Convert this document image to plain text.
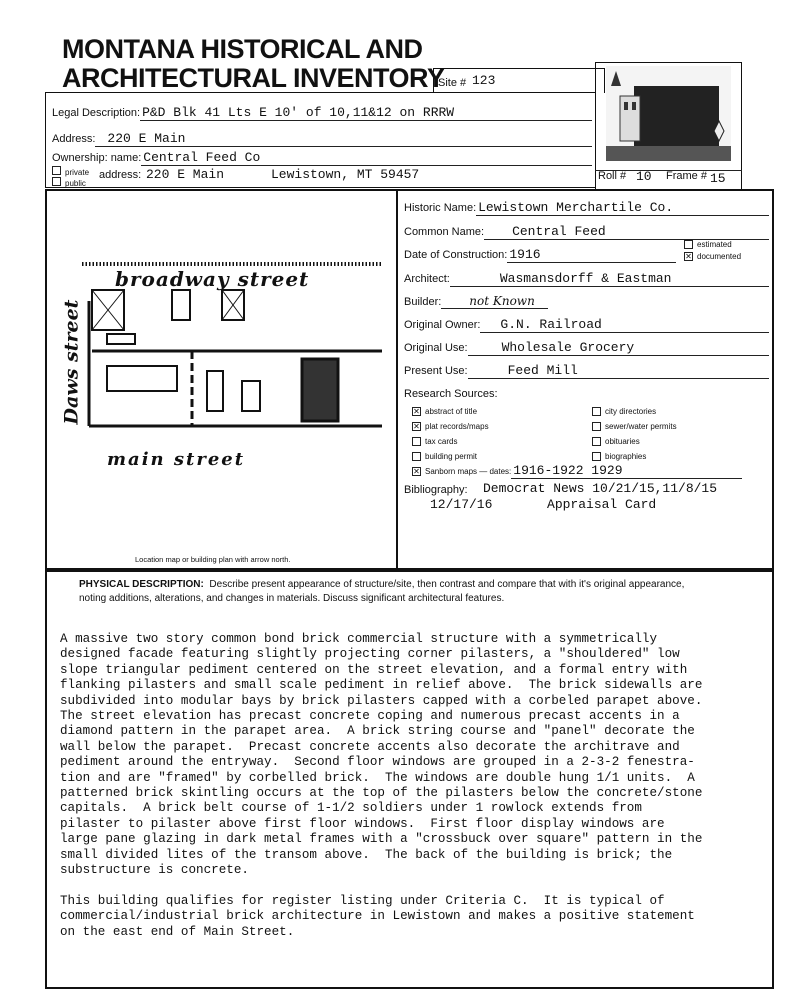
MONTANA HISTORICAL AND
ARCHITECTURAL INVENTORY
Site # 123
Roll # 10 Frame # 15
Legal Description: P&D Blk 41 Lts E 10' of 10,11&12 on RRRW
Address: 220 E Main
Ownership: name: Central Feed Co
private
public
address: 220 E Main	Lewistown, MT 59457
broadway street
Daws street
main street
Location map or building plan with arrow north.
Historic Name: Lewistown Merchartile Co.
Common Name:	Central Feed
Date of Construction: 1916
estimated
✕ documented
Architect:	Wasmansdorff & Eastman
Builder:	not Known
Original Owner:	G.N. Railroad
Original Use:	Wholesale Grocery
Present Use:	Feed Mill
Research Sources:
✕ abstract of title	city directories
✕ plat records/maps	sewer/water permits
tax cards	obituaries
building permit	biographies
✕ Sanborn maps — dates: 1916-1922 1929
Bibliography: Democrat News 10/21/15,11/8/15
12/17/16       Appraisal Card
PHYSICAL DESCRIPTION: Describe present appearance of structure/site, then contrast and compare that with it's original appearance,
noting additions, alterations, and changes in materials. Discuss significant architectural features.
A massive two story common bond brick commercial structure with a symmetrically
designed facade featuring slightly projecting corner pilasters, a "shouldered" low
slope triangular pediment centered on the street elevation, and a formal entry with
flanking pilasters and small scale pediment in relief above.  The brick sidewalls are
subdivided into modular bays by brick pilasters capped with a corbeled parapet above.
The street elevation has precast concrete coping and numerous precast accents in a
diamond pattern in the parapet area.  A brick string course and "panel" decorate the
wall below the parapet.  Precast concrete accents also decorate the architrave and
pediment around the entryway.  Second floor windows are grouped in a 2-3-2 fenestra-
tion and are "framed" by corbelled brick.  The windows are double hung 1/1 units.  A
patterned brick skintling occurs at the top of the pilasters below the concrete/stone
capitals.  A brick belt course of 1-1/2 soldiers under 1 rowlock extends from
pilaster to pilaster above first floor windows.  First floor display windows are
large pane glazing in dark metal frames with a "crossbuck over square" pattern in the
small divided lites of the transom above.  The back of the building is brick; the
substructure is concrete.
This building qualifies for register listing under Criteria C.  It is typical of
commercial/industrial brick architecture in Lewistown and makes a positive statement
on the east end of Main Street.
